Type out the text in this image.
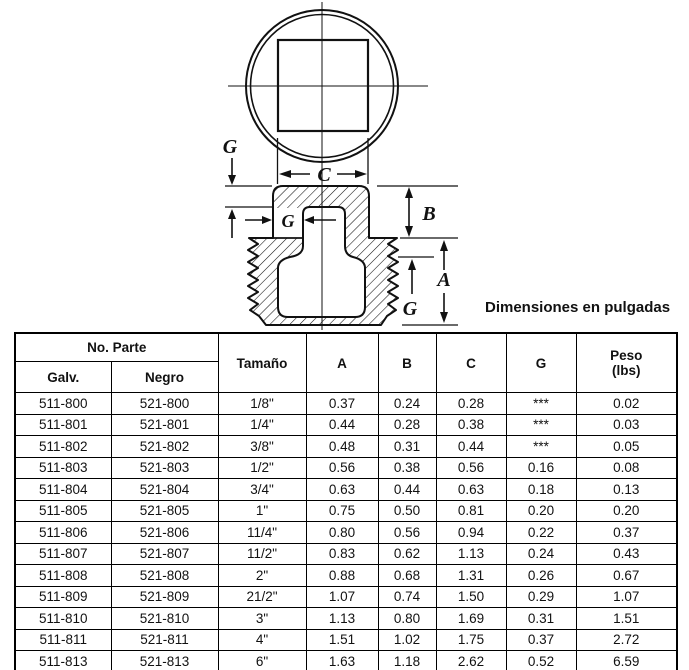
C
G
G	B
A
G	Dimensiones en pulgadas
No. Parte		Tamaño	A	B	C	G	Peso
(lbs)

Galv.	Negro						
511-800	521-800	1/8"	0.37	0.24	0.28	***	0.02
511-801	521-801	1/4"	0.44	0.28	0.38	***	0.03
511-802	521-802	3/8"	0.48	0.31	0.44	***	0.05
511-803	521-803	1/2"	0.56	0.38	0.56	0.16	0.08
511-804	521-804	3/4"	0.63	0.44	0.63	0.18	0.13
511-805	521-805	1"	0.75	0.50	0.81	0.20	0.20
511-806	521-806	11/4"	0.80	0.56	0.94	0.22	0.37
511-807	521-807	11/2"	0.83	0.62	1.13	0.24	0.43
511-808	521-808	2"	0.88	0.68	1.31	0.26	0.67
511-809	521-809	21/2"	1.07	0.74	1.50	0.29	1.07
511-810	521-810	3"	1.13	0.80	1.69	0.31	1.51
511-811	521-811	4"	1.51	1.02	1.75	0.37	2.72
511-813	521-813	6"	1.63	1.18	2.62	0.52	6.59
